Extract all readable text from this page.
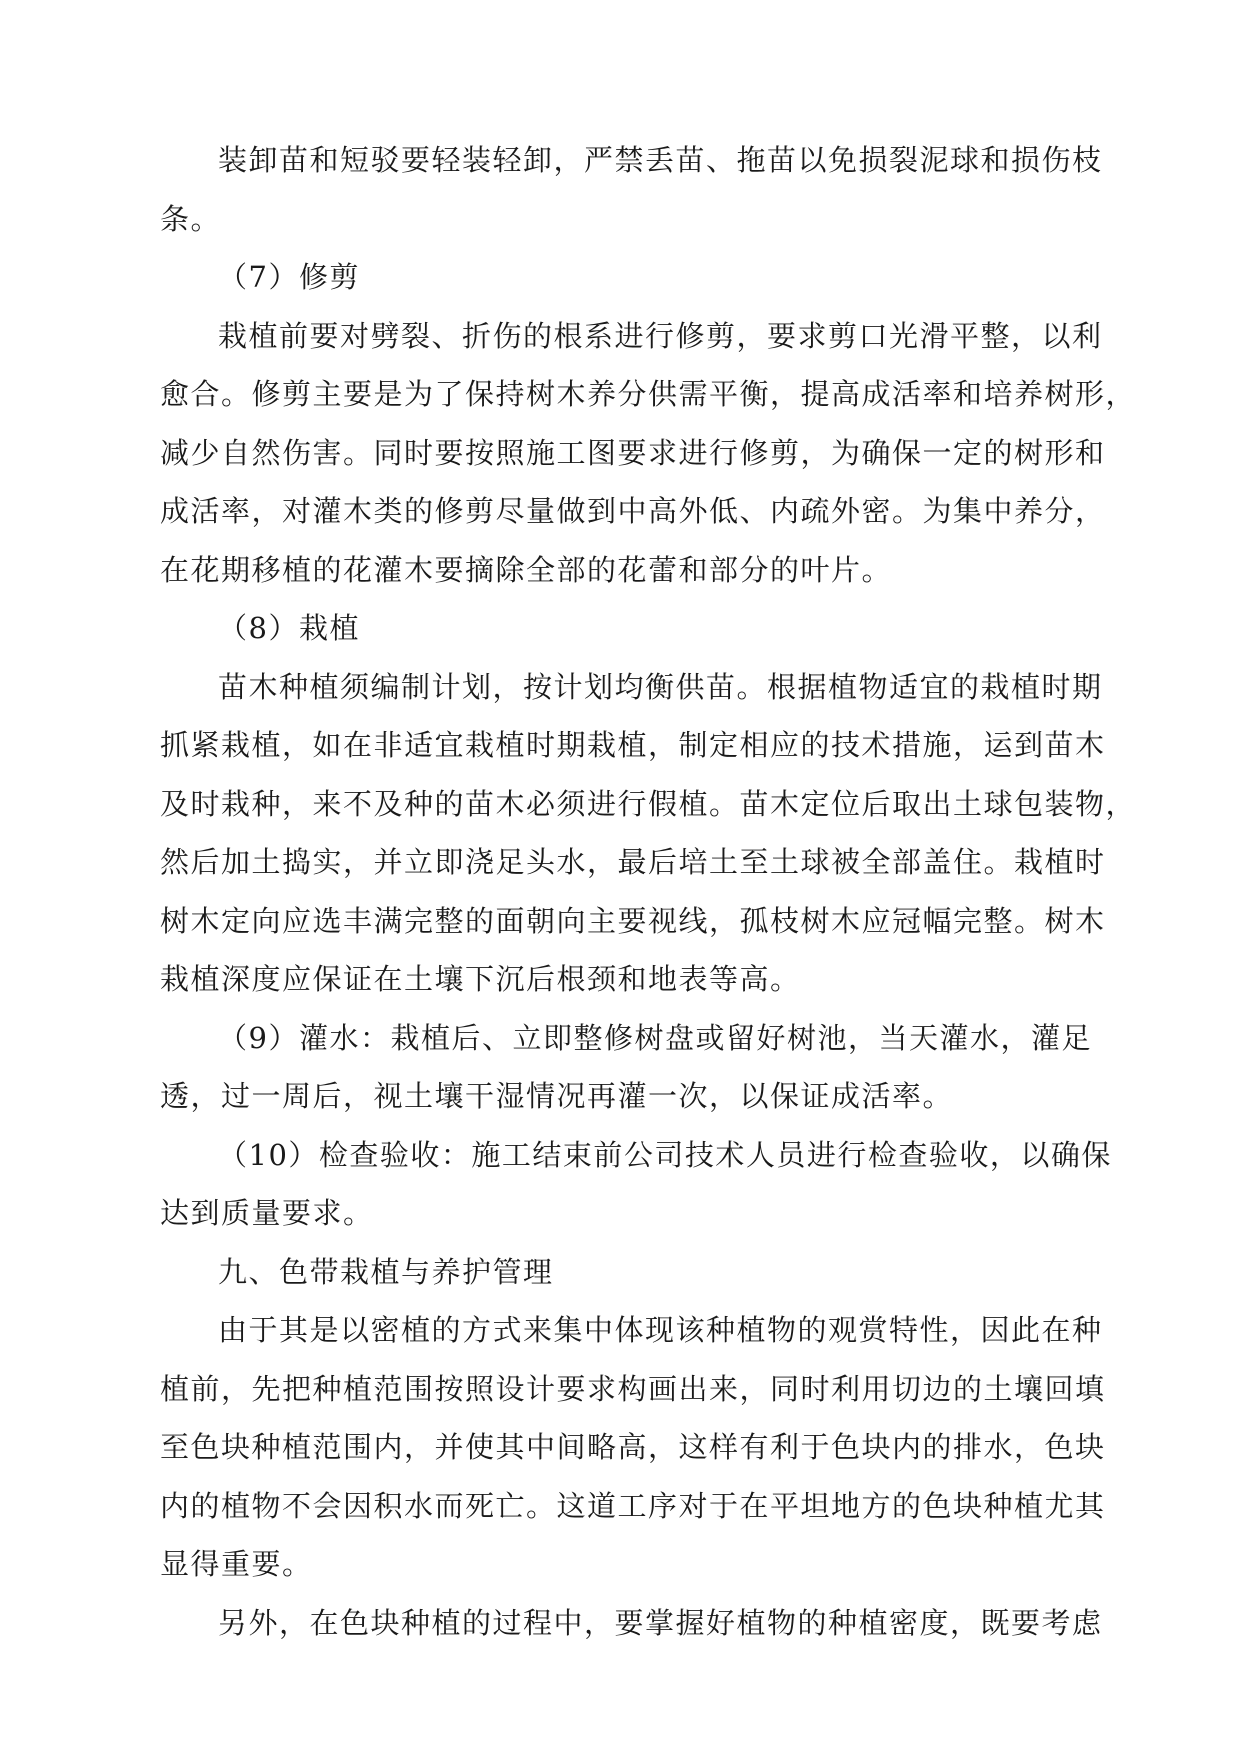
装卸苗和短驳要轻装轻卸，严禁丢苗、拖苗以免损裂泥球和损伤枝
条。
（7）修剪
栽植前要对劈裂、折伤的根系进行修剪，要求剪口光滑平整，以利
愈合。修剪主要是为了保持树木养分供需平衡，提高成活率和培养树形，
减少自然伤害。同时要按照施工图要求进行修剪，为确保一定的树形和
成活率，对灌木类的修剪尽量做到中高外低、内疏外密。为集中养分，
在花期移植的花灌木要摘除全部的花蕾和部分的叶片。
（8）栽植
苗木种植须编制计划，按计划均衡供苗。根据植物适宜的栽植时期
抓紧栽植，如在非适宜栽植时期栽植，制定相应的技术措施，运到苗木
及时栽种，来不及种的苗木必须进行假植。苗木定位后取出土球包装物，
然后加土捣实，并立即浇足头水，最后培土至土球被全部盖住。栽植时
树木定向应选丰满完整的面朝向主要视线，孤枝树木应冠幅完整。树木
栽植深度应保证在土壤下沉后根颈和地表等高。
（9）灌水：栽植后、立即整修树盘或留好树池，当天灌水，灌足
透，过一周后，视土壤干湿情况再灌一次，以保证成活率。
（10）检查验收：施工结束前公司技术人员进行检查验收，以确保
达到质量要求。
九、色带栽植与养护管理
由于其是以密植的方式来集中体现该种植物的观赏特性，因此在种
植前，先把种植范围按照设计要求构画出来，同时利用切边的土壤回填
至色块种植范围内，并使其中间略高，这样有利于色块内的排水，色块
内的植物不会因积水而死亡。这道工序对于在平坦地方的色块种植尤其
显得重要。
另外，在色块种植的过程中，要掌握好植物的种植密度，既要考虑
